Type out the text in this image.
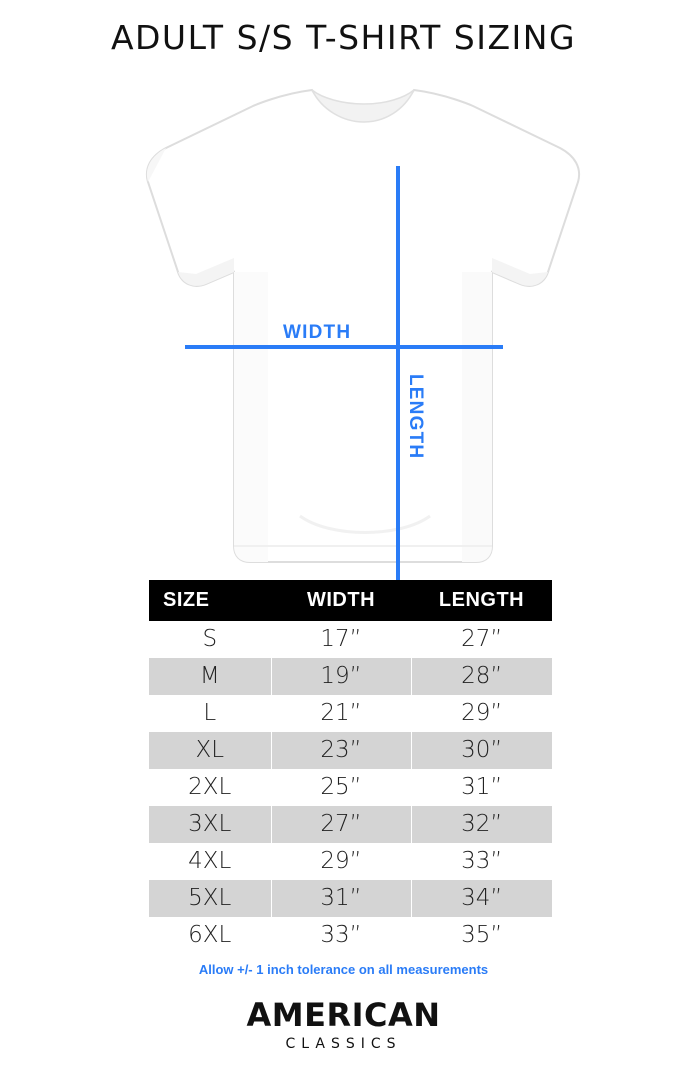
ADULT S/S T-SHIRT SIZING
WIDTH
LENGTH
SIZE	WIDTH	LENGTH
S	17”	27”
M	19”	28”
L	21”	29”
XL	23”	30”
2XL	25”	31”
3XL	27”	32”
4XL	29”	33”
5XL	31”	34”
6XL	33”	35”
Allow +/- 1 inch tolerance on all measurements
AMERICAN
CLASSICS
